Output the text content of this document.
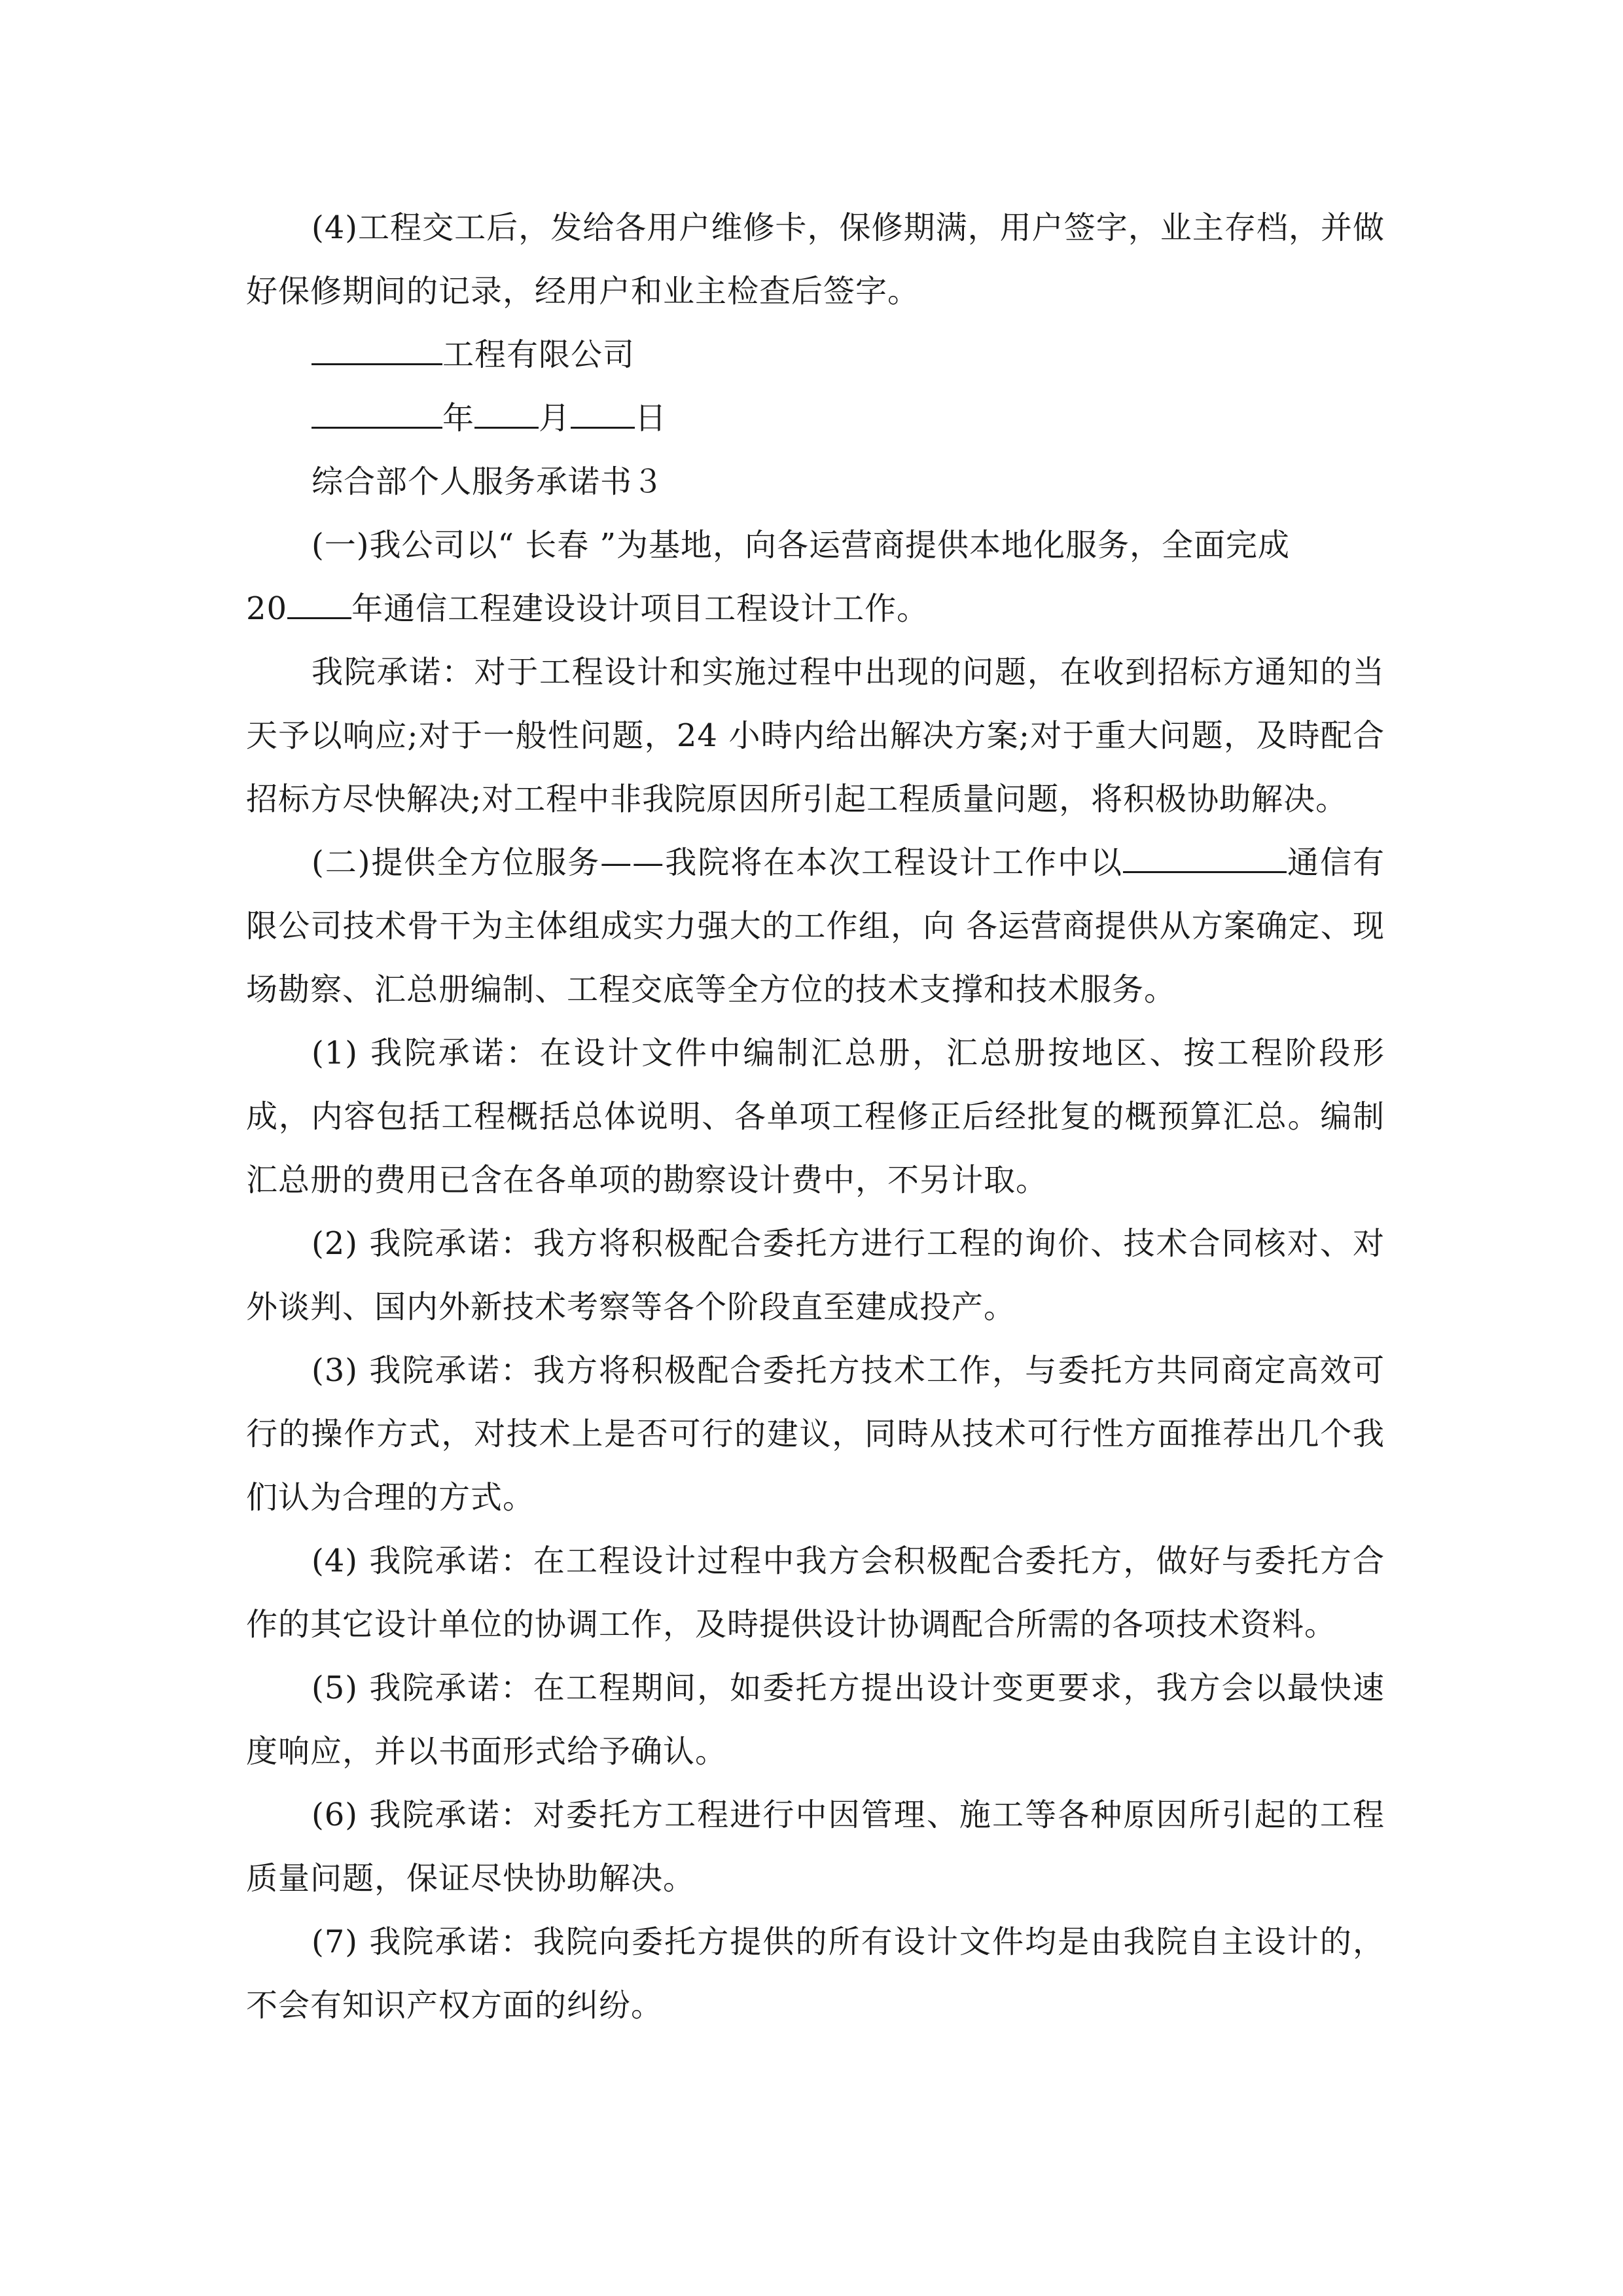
(4)工程交工后，发给各用户维修卡，保修期满，用户签字，业主存档，并做好保修期间的记录，经用户和业主检查后签字。

工程有限公司

年 月 日

综合部个人服务承诺书３

(一)我公司以“ 长春 ”为基地，向各运营商提供本地化服务，全面完成

20 年通信工程建设设计项目工程设计工作。

我院承诺：对于工程设计和实施过程中出现的问题，在收到招标方通知的当天予以响应;对于一般性问题，24 小時内给出解决方案;对于重大问题，及時配合招标方尽快解决;对工程中非我院原因所引起工程质量问题，将积极协助解决。

(二)提供全方位服务——我院将在本次工程设计工作中以	通信有限公司技术骨干为主体组成实力强大的工作组，向 各运营商提供从方案确定、现场勘察、汇总册编制、工程交底等全方位的技术支撑和技术服务。

(1) 我院承诺：在设计文件中编制汇总册，汇总册按地区、按工程阶段形成，内容包括工程概括总体说明、各单项工程修正后经批复的概预算汇总。编制汇总册的费用已含在各单项的勘察设计费中，不另计取。

(2) 我院承诺：我方将积极配合委托方进行工程的询价、技术合同核对、对外谈判、国内外新技术考察等各个阶段直至建成投产。

(3) 我院承诺：我方将积极配合委托方技术工作，与委托方共同商定高效可行的操作方式，对技术上是否可行的建议，同時从技术可行性方面推荐出几个我们认为合理的方式。

(4) 我院承诺：在工程设计过程中我方会积极配合委托方，做好与委托方合作的其它设计单位的协调工作，及時提供设计协调配合所需的各项技术资料。

(5) 我院承诺：在工程期间，如委托方提出设计变更要求，我方会以最快速度响应，并以书面形式给予确认。

(6) 我院承诺：对委托方工程进行中因管理、施工等各种原因所引起的工程质量问题，保证尽快协助解决。

(7) 我院承诺：我院向委托方提供的所有设计文件均是由我院自主设计的，不会有知识产权方面的纠纷。
